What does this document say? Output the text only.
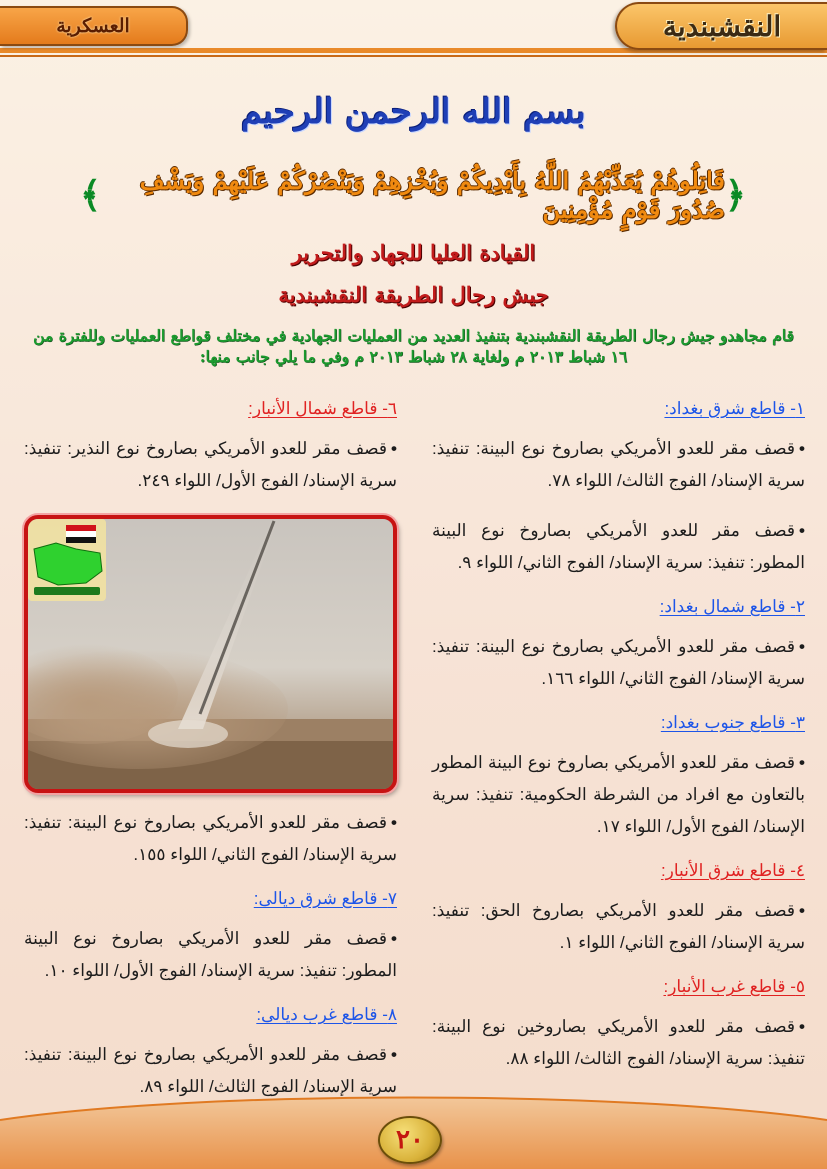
العسكرية	النقشبندية
بسم الله الرحمن الرحيم
﴿
قَاتِلُوهُمْ يُعَذِّبْهُمُ اللَّهُ بِأَيْدِيكُمْ وَيُخْزِهِمْ وَيَنْصُرْكُمْ عَلَيْهِمْ وَيَشْفِ صُدُورَ قَوْمٍ مُؤْمِنِينَ
﴾
القيادة العليا للجهاد والتحرير
جيش رجال الطريقة النقشبندية
قام مجاهدو جيش رجال الطريقة النقشبندية بتنفيذ العديد من العمليات الجهادية في مختلف قواطع العمليات وللفترة من ١٦ شباط ٢٠١٣ م ولغاية ٢٨ شباط ٢٠١٣ م وفي ما يلي جانب منها:
١- قاطع شرق بغداد:
•قصف مقر للعدو الأمريكي بصاروخ نوع البينة: تنفيذ: سرية الإسناد/ الفوج الثالث/ اللواء ٧٨.
•قصف مقر للعدو الأمريكي بصاروخ نوع البينة المطور: تنفيذ: سرية الإسناد/ الفوج الثاني/ اللواء ٩.
٢- قاطع شمال بغداد:
•قصف مقر للعدو الأمريكي بصاروخ نوع البينة: تنفيذ: سرية الإسناد/ الفوج الثاني/ اللواء ١٦٦.
٣- قاطع جنوب بغداد:
•قصف مقر للعدو الأمريكي بصاروخ نوع البينة المطور بالتعاون مع افراد من الشرطة الحكومية: تنفيذ: سرية الإسناد/ الفوج الأول/ اللواء ١٧.
٤- قاطع شرق الأنبار:
•قصف مقر للعدو الأمريكي بصاروخ الحق: تنفيذ: سرية الإسناد/ الفوج الثاني/ اللواء ١.
٥- قاطع غرب الأنبار:
•قصف مقر للعدو الأمريكي بصاروخين نوع البينة: تنفيذ: سرية الإسناد/ الفوج الثالث/ اللواء ٨٨.
٦- قاطع شمال الأنبار:
•قصف مقر للعدو الأمريكي بصاروخ نوع النذير: تنفيذ: سرية الإسناد/ الفوج الأول/ اللواء ٢٤٩.
•قصف مقر للعدو الأمريكي بصاروخ نوع البينة: تنفيذ: سرية الإسناد/ الفوج الثاني/ اللواء ١٥٥.
٧- قاطع شرق ديالى:
•قصف مقر للعدو الأمريكي بصاروخ نوع البينة المطور: تنفيذ: سرية الإسناد/ الفوج الأول/ اللواء ١٠.
٨- قاطع غرب ديالى:
•قصف مقر للعدو الأمريكي بصاروخ نوع البينة: تنفيذ: سرية الإسناد/ الفوج الثالث/ اللواء ٨٩.
٢٠
